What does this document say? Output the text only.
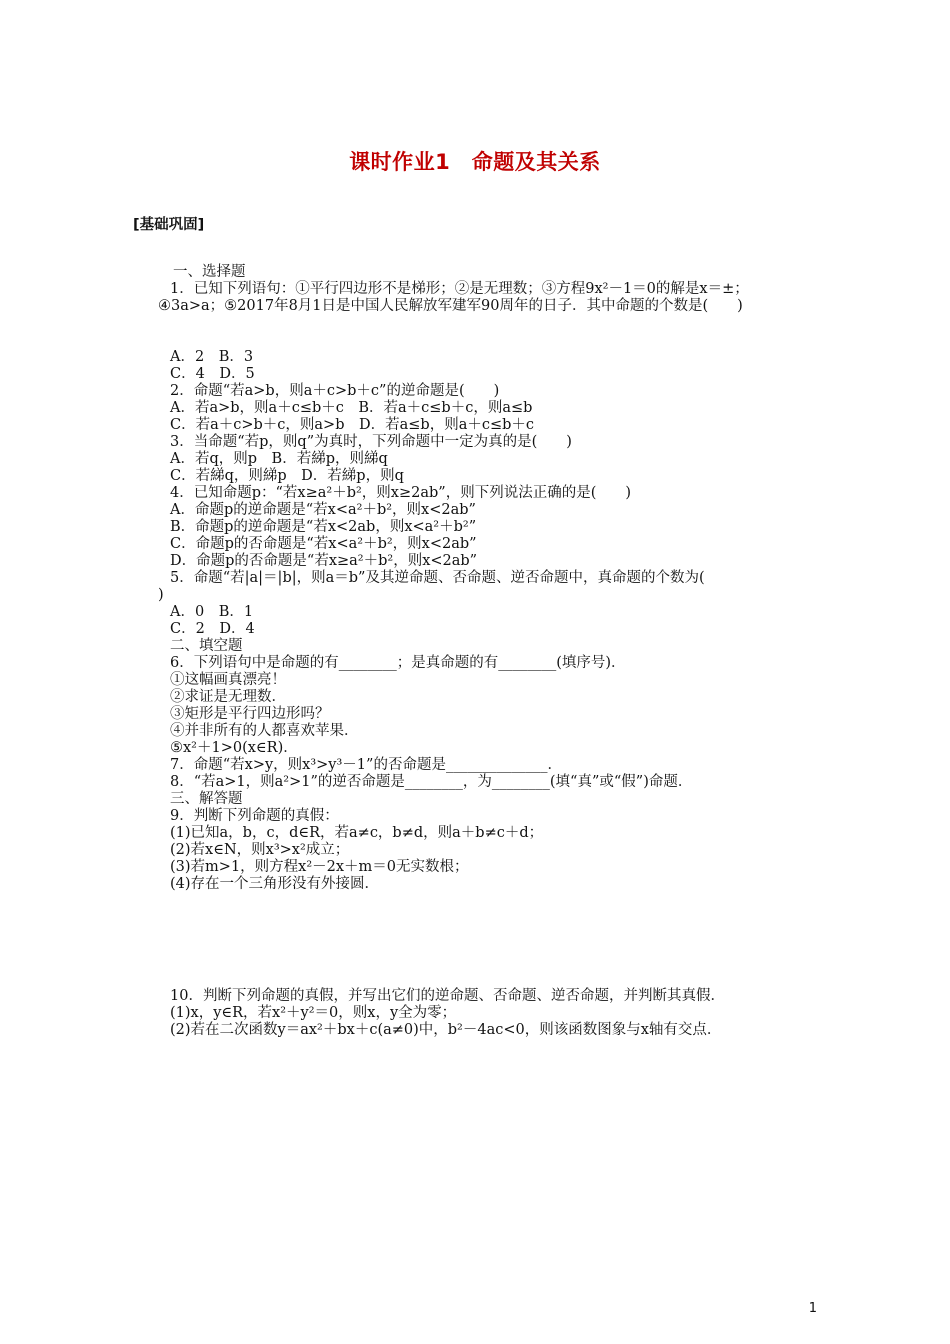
课时作业1　命题及其关系
[基础巩固]
一、选择题
1．已知下列语句：①平行四边形不是梯形；②是无理数；③方程9x²－1＝0的解是x＝±；
④3a>a；⑤2017年8月1日是中国人民解放军建军90周年的日子．其中命题的个数是(　　)
A．2　B．3
C．4　D．5
2．命题“若a>b，则a＋c>b＋c”的逆命题是(　　)
A．若a>b，则a＋c≤b＋c　B．若a＋c≤b＋c，则a≤b
C．若a＋c>b＋c，则a>b　D．若a≤b，则a＋c≤b＋c
3．当命题“若p，则q”为真时，下列命题中一定为真的是(　　)
A．若q，则p　B．若綈p，则綈q
C．若綈q，则綈p　D．若綈p，则q
4．已知命题p：“若x≥a²＋b²，则x≥2ab”，则下列说法正确的是(　　)
A．命题p的逆命题是“若x<a²＋b²，则x<2ab”
B．命题p的逆命题是“若x<2ab，则x<a²＋b²”
C．命题p的否命题是“若x<a²＋b²，则x<2ab”
D．命题p的否命题是“若x≥a²＋b²，则x<2ab”
5．命题“若|a|＝|b|，则a＝b”及其逆命题、否命题、逆否命题中，真命题的个数为(
)
A．0　B．1
C．2　D．4
二、填空题
6．下列语句中是命题的有________；是真命题的有________(填序号)．
①这幅画真漂亮！
②求证是无理数．
③矩形是平行四边形吗？
④并非所有的人都喜欢苹果．
⑤x²＋1>0(x∈R)．
7．命题“若x>y，则x³>y³－1”的否命题是______________．
8．“若a>1，则a²>1”的逆否命题是________，为________(填“真”或“假”)命题．
三、解答题
9．判断下列命题的真假：
(1)已知a，b，c，d∈R，若a≠c，b≠d，则a＋b≠c＋d；
(2)若x∈N，则x³>x²成立；
(3)若m>1，则方程x²－2x＋m＝0无实数根；
(4)存在一个三角形没有外接圆．
10．判断下列命题的真假，并写出它们的逆命题、否命题、逆否命题，并判断其真假．
(1)x，y∈R，若x²＋y²＝0，则x，y全为零；
(2)若在二次函数y＝ax²＋bx＋c(a≠0)中，b²－4ac<0，则该函数图象与x轴有交点．
1
